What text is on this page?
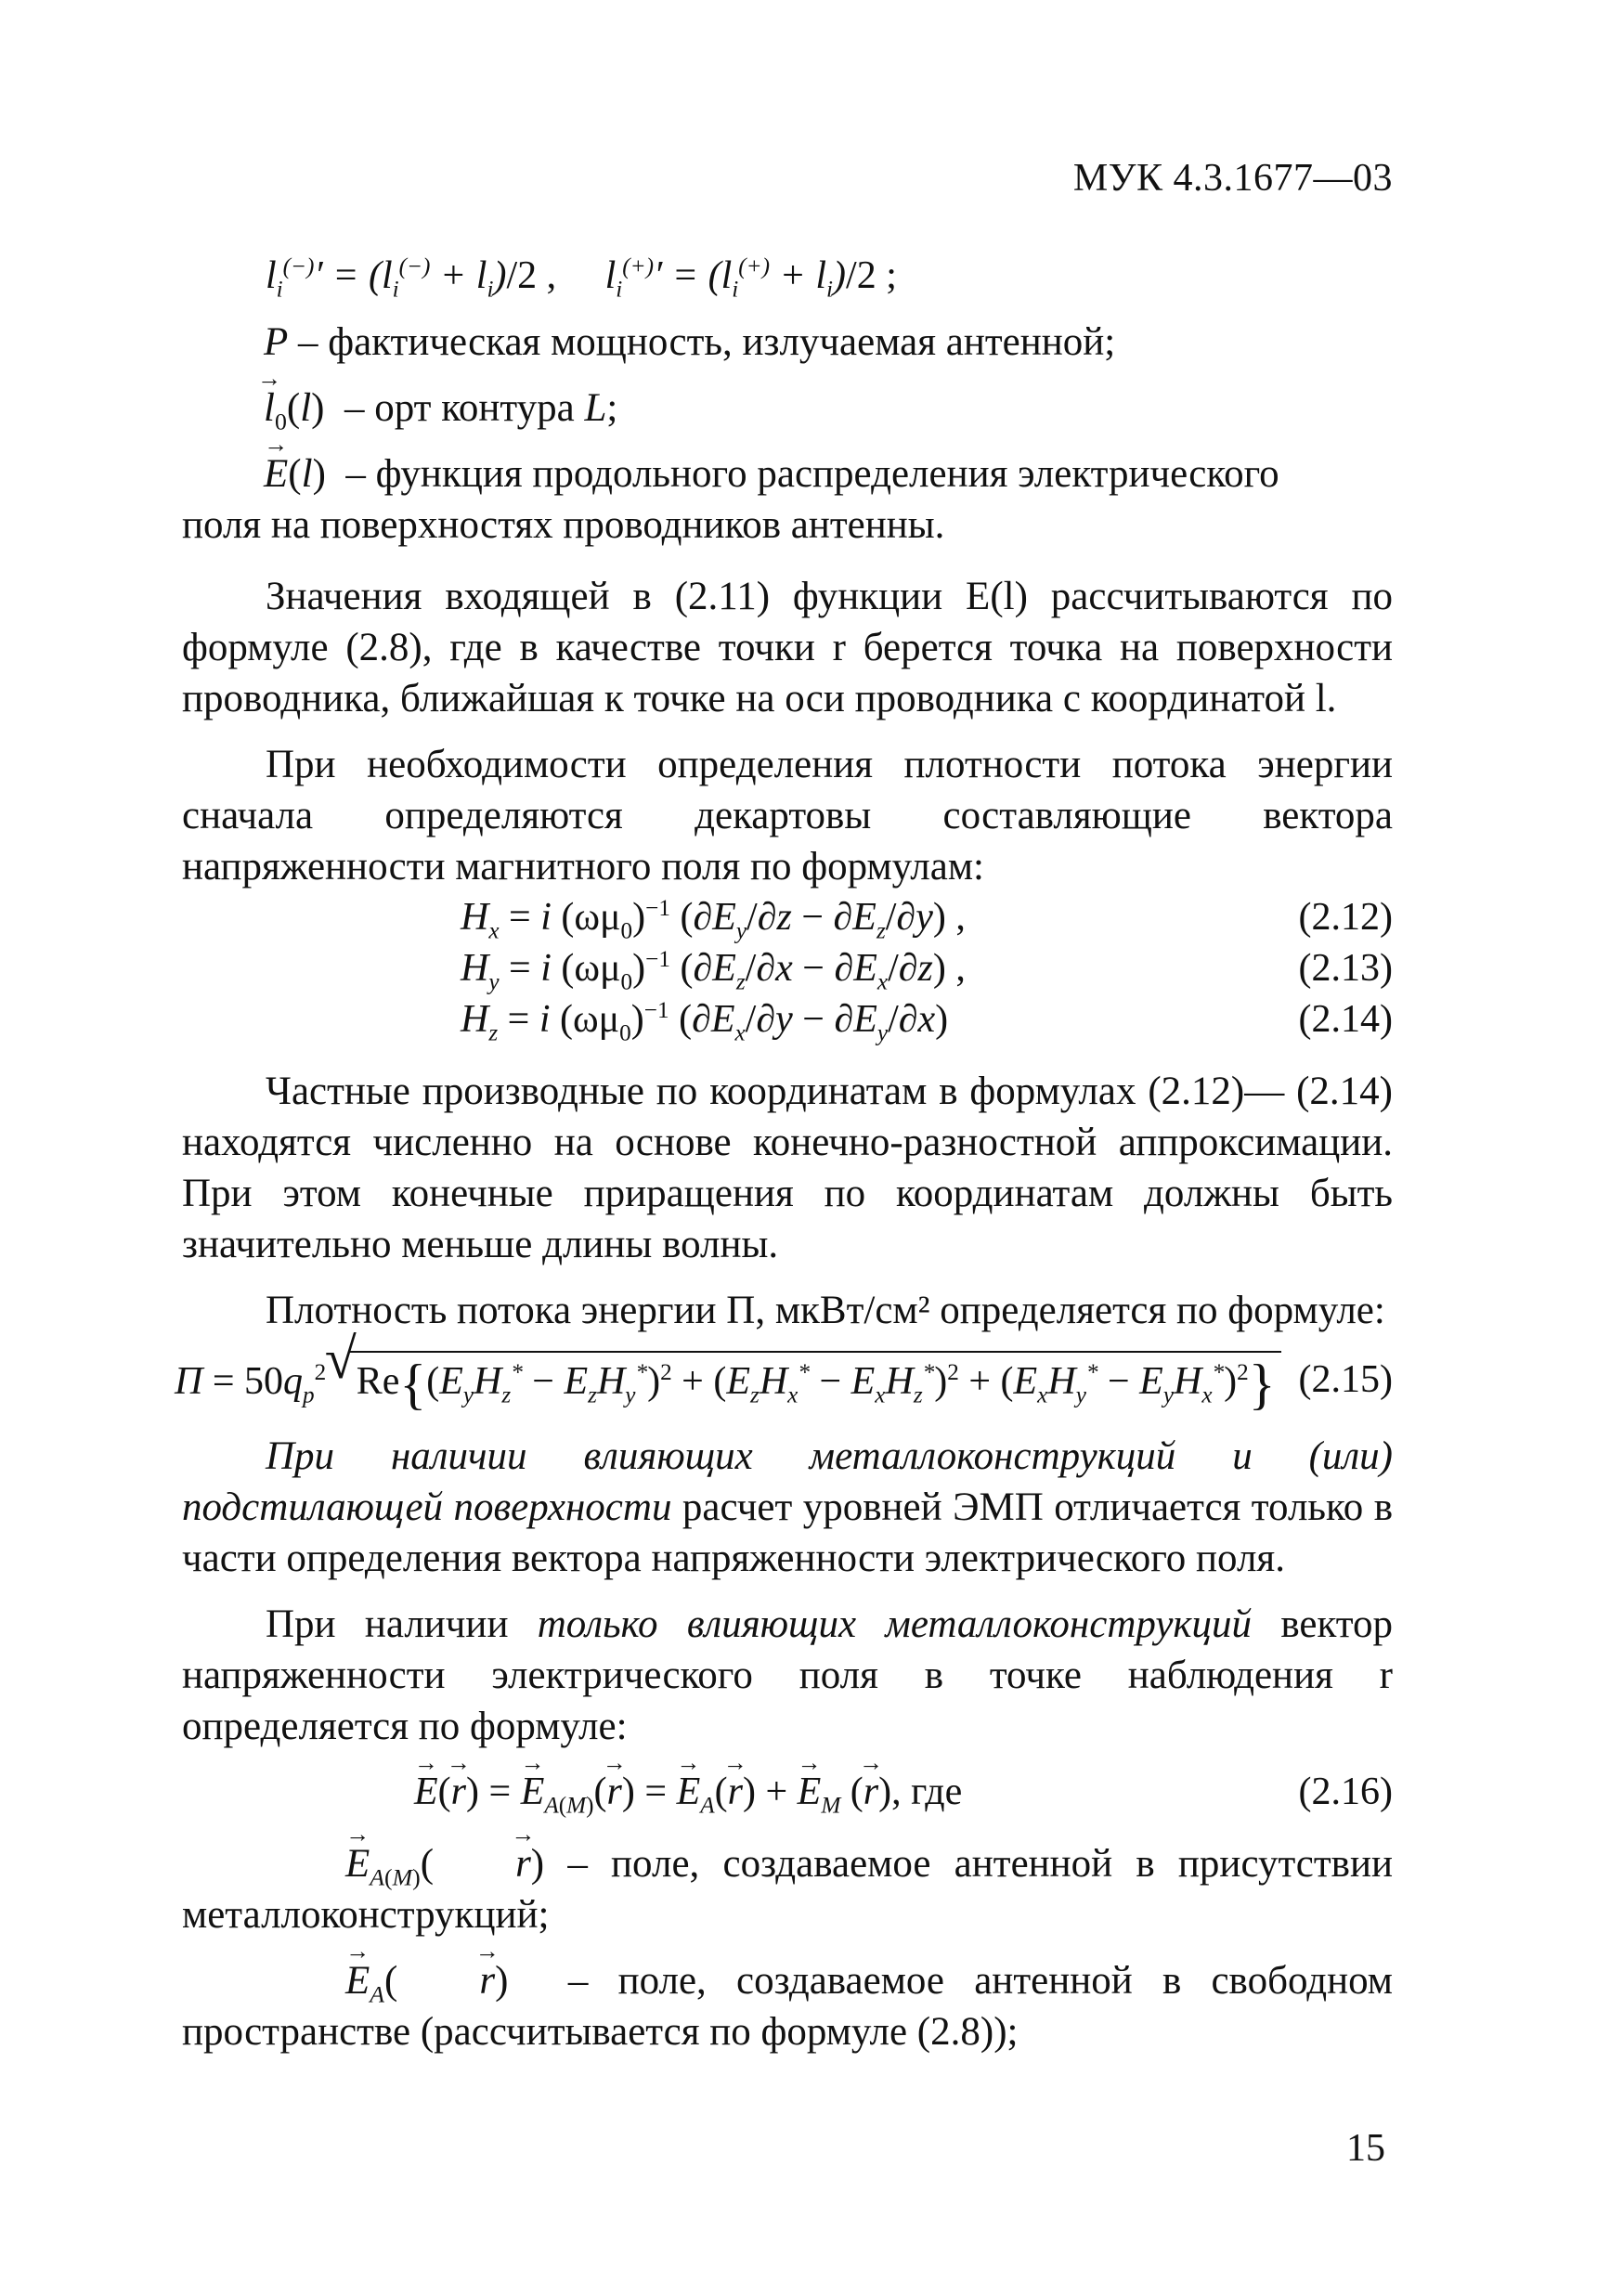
МУК 4.3.1677—03

$l_i^{(-)}' = (l_i^{(-)} + l_i)/2$ ,     $l_i^{(+)}' = (l_i^{(+)} + l_i)/2$ ;

P – фактическая мощность, излучаемая антенной;

→ $l_0(l)$  – орт контура L;

→ E(l)  – функция продольного распределения электрического

поля на поверхностях проводников антенны.

Значения входящей в (2.11) функции E(l) рассчитываются по формуле (2.8), где в качестве точки r берется точка на поверхности проводника, ближайшая к точке на оси проводника с координатой l.

При необходимости определения плотности потока энергии сначала определяются декартовы составляющие вектора напряженности магнитного поля по формулам:

$H_x = i$ $(\omega\mu_0)^{-1}$ $(\partial E_y/\partial z - \partial E_z/\partial y)$ ,	(2.12)
$H_y = i$ $(\omega\mu_0)^{-1}$ $(\partial E_z/\partial x - \partial E_x/\partial z)$ ,	(2.13)
$H_z = i$ $(\omega\mu_0)^{-1}$ $(\partial E_x/\partial y - \partial E_y/\partial x)$	(2.14)

Частные производные по координатам в формулах (2.12)— (2.14) находятся численно на основе конечно-разностной аппроксимации. При этом конечные приращения по координатам должны быть значительно меньше длины волны.

Плотность потока энергии П, мкВт/см² определяется по формуле:

$П = 50q_p^2$ √ $Re\{(E_yH_z^* - E_zH_y^*)^2 + (E_zH_x^* - E_xH_z^*)^2 + (E_xH_y^* - E_yH_x^*)^2\}$ (2.15)

При наличии влияющих металлоконструкций и (или) подстилающей поверхности расчет уровней ЭМП отличается только в части определения вектора напряженности электрического поля.

При наличии только влияющих металлоконструкций вектор напряженности электрического поля в точке наблюдения r определяется по формуле:

→ E(→ r) = → $E_{A(M)}(\to r)$ = → $E_A(\to r)$ + → $E_M$ (→ r), где	(2.16)

→ $E_{A(M)}( \to r)$ – поле, создаваемое антенной в присутствии металлоконструкций;

→ $E_A( \to r)$  – поле, создаваемое антенной в свободном пространстве (рассчитывается по формуле (2.8));

15
